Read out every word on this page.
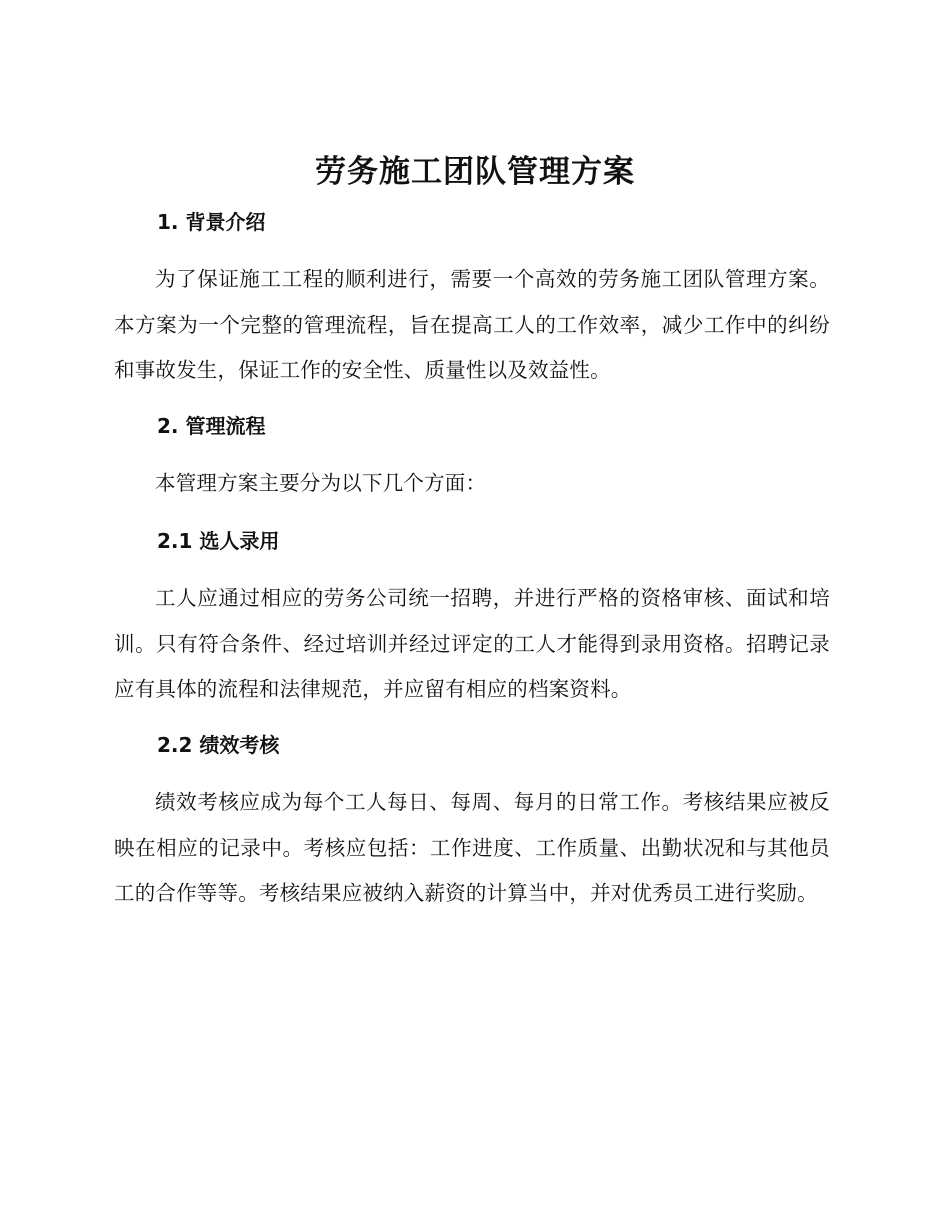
劳务施工团队管理方案
1. 背景介绍

为了保证施工工程的顺利进行，需要一个高效的劳务施工团队管理方案。本方案为一个完整的管理流程，旨在提高工人的工作效率，减少工作中的纠纷和事故发生，保证工作的安全性、质量性以及效益性。

2. 管理流程

本管理方案主要分为以下几个方面：

2.1 选人录用

工人应通过相应的劳务公司统一招聘，并进行严格的资格审核、面试和培训。只有符合条件、经过培训并经过评定的工人才能得到录用资格。招聘记录应有具体的流程和法律规范，并应留有相应的档案资料。

2.2 绩效考核

绩效考核应成为每个工人每日、每周、每月的日常工作。考核结果应被反映在相应的记录中。考核应包括：工作进度、工作质量、出勤状况和与其他员工的合作等等。考核结果应被纳入薪资的计算当中，并对优秀员工进行奖励。
